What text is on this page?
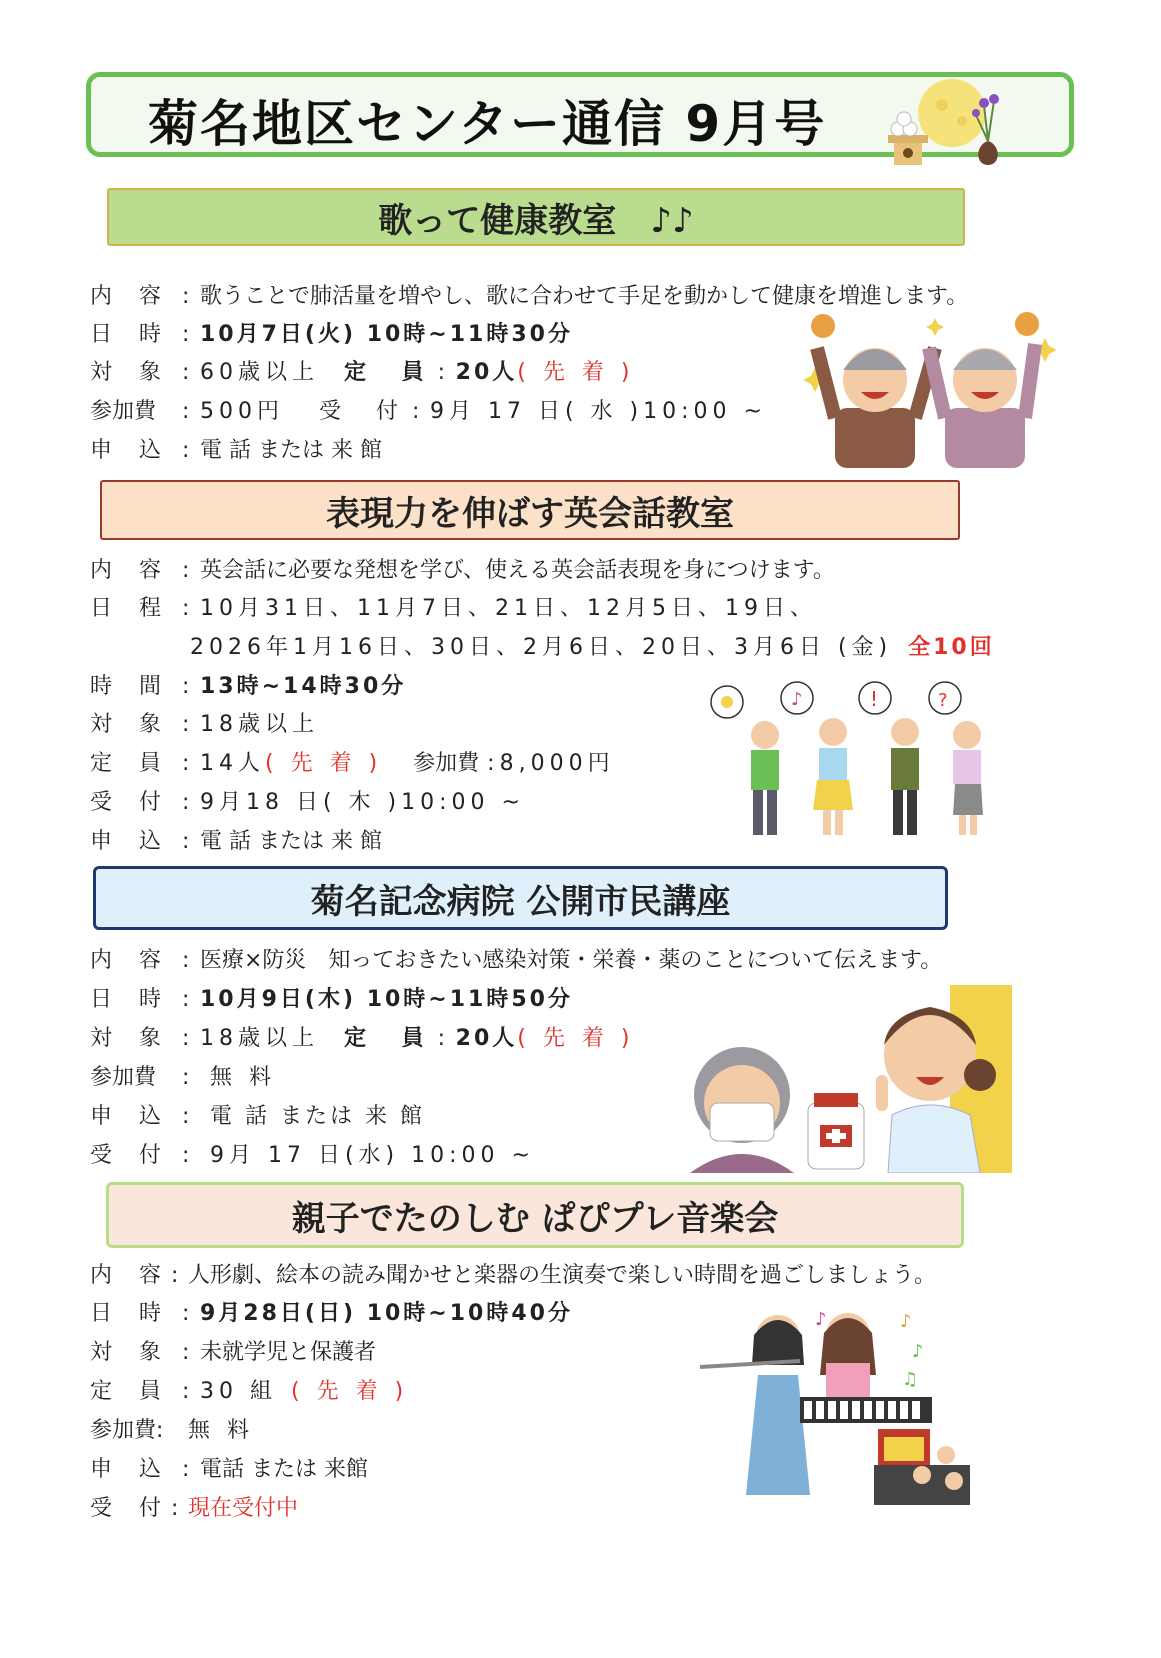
菊名地区センター通信 9月号
歌って健康教室　♪♪
内 容 : 歌うことで肺活量を増やし、歌に合わせて手足を動かして健康を増進します。
日 時 : 10月7日(火) 10時~11時30分
対 象 : 60歳以上 定 員: 20人( 先 着 )
参加費 : 500円 受 付: 9月 17 日( 水 )10:00 ~
申 込 : 電 話 または 来 館
表現力を伸ばす英会話教室
内 容 : 英会話に必要な発想を学び、使える英会話表現を身につけます。
日 程 : 10月31日、11月7日、21日、12月5日、19日、
2026年1月16日、30日、2月6日、20日、3月6日 (金) 全10回
時 間 : 13時~14時30分
対 象 : 18歳以上
定 員 : 14人( 先 着 ) 参加費 :8,000円
受 付 : 9月18 日( 木 )10:00 ~
申 込 : 電 話 または 来 館
♪	!	?
菊名記念病院 公開市民講座
内 容 : 医療×防災　知っておきたい感染対策・栄養・薬のことについて伝えます。
日 時 : 10月9日(木) 10時~11時50分
対 象 : 18歳以上 定 員: 20人( 先 着 )
参加費 : 無 料
申 込 : 電 話 または 来 館
受 付 : 9月 17 日(水) 10:00 ~
親子でたのしむ ぱぴプレ音楽会
内 容:人形劇、絵本の読み聞かせと楽器の生演奏で楽しい時間を過ごしましょう。
日 時 : 9月28日(日) 10時~10時40分
対 象 : 未就学児と保護者
定 員 : 30 組 ( 先 着 )
参加費: 無 料
申 込 : 電話 または 来館
受 付:現在受付中
♪	♪
♪
♫
